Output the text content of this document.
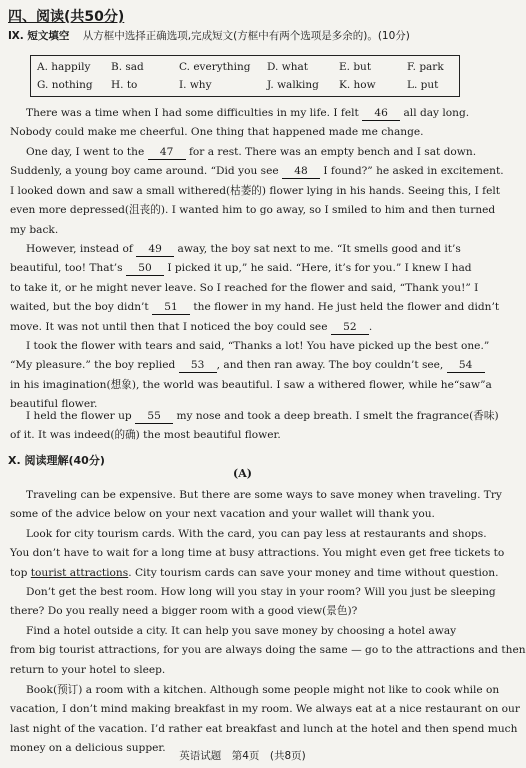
四、阅读(共50分)
Ⅸ. 短文填空 从方框中选择正确选项,完成短文(方框中有两个选项是多余的)。(10分)
A. happily B. sad	C. everything D. what	E. but	F. park
G. nothing H. to	I. why	J. walking K. how	L. put
There was a time when I had some difficulties in my life. I felt 46 all day long.
Nobody could make me cheerful. One thing that happened made me change.
One day, I went to the 47 for a rest. There was an empty bench and I sat down.
Suddenly, a young boy came around. “Did you see 48 I found?” he asked in excitement.
I looked down and saw a small withered(枯萎的) flower lying in his hands. Seeing this, I felt
even more depressed(沮丧的). I wanted him to go away, so I smiled to him and then turned
my back.
However, instead of 49 away, the boy sat next to me. “It smells good and it’s
beautiful, too! That’s 50 I picked it up,” he said. “Here, it’s for you.” I knew I had
to take it, or he might never leave. So I reached for the flower and said, “Thank you!” I
waited, but the boy didn’t 51 the flower in my hand. He just held the flower and didn’t
move. It was not until then that I noticed the boy could see 52 .
I took the flower with tears and said, “Thanks a lot! You have picked up the best one.”
“My pleasure.” the boy replied 53 , and then ran away. The boy couldn’t see, 54
in his imagination(想象), the world was beautiful. I saw a withered flower, while he“saw”a
beautiful flower.
I held the flower up 55 my nose and took a deep breath. I smelt the fragrance(香味)
of it. It was indeed(的确) the most beautiful flower.
Ⅹ. 阅读理解(40分)
(A)
Traveling can be expensive. But there are some ways to save money when traveling. Try
some of the advice below on your next vacation and your wallet will thank you.
Look for city tourism cards. With the card, you can pay less at restaurants and shops.
You don’t have to wait for a long time at busy attractions. You might even get free tickets to
top tourist attractions. City tourism cards can save your money and time without question.
Don’t get the best room. How long will you stay in your room? Will you just be sleeping
there? Do you really need a bigger room with a good view(景色)?
Find a hotel outside a city. It can help you save money by choosing a hotel away
from big tourist attractions, for you are always doing the same — go to the attractions and then
return to your hotel to sleep.
Book(预订) a room with a kitchen. Although some people might not like to cook while on
vacation, I don’t mind making breakfast in my room. We always eat at a nice restaurant on our
last night of the vacation. I’d rather eat breakfast and lunch at the hotel and then spend much
money on a delicious supper.
英语试题　第4页　(共8页)
